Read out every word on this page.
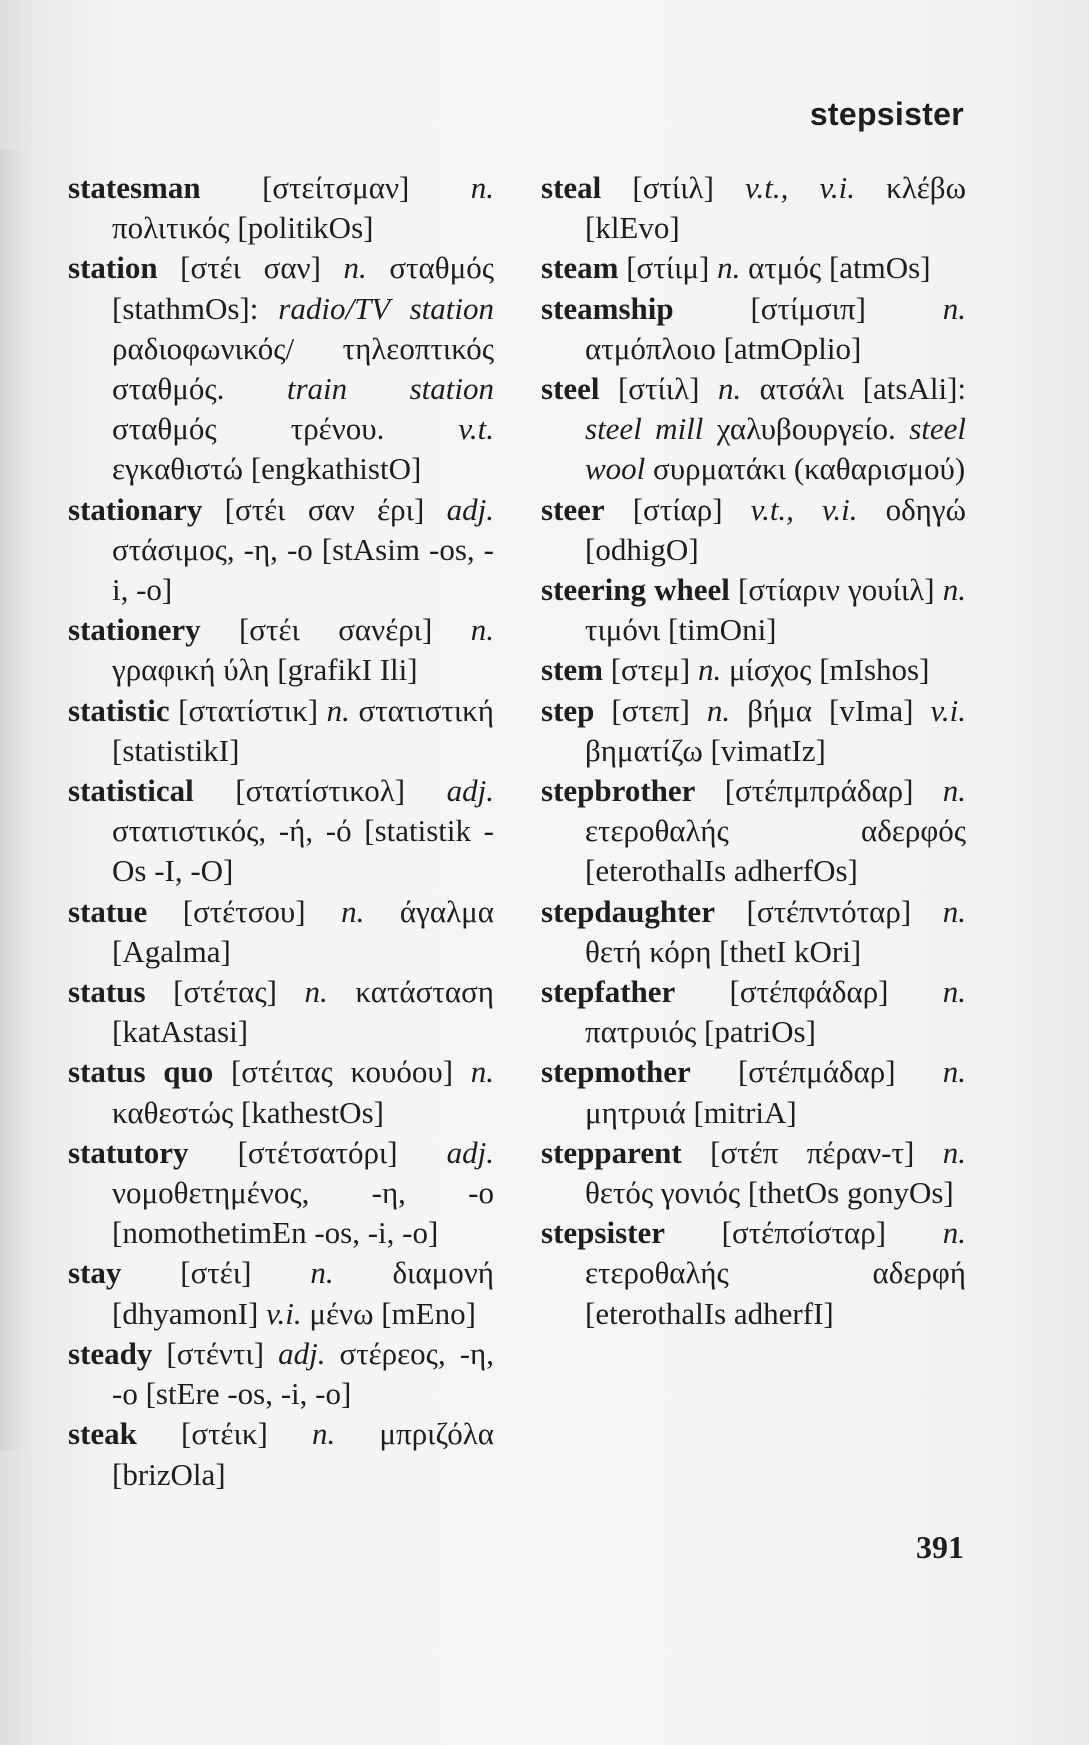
stepsister

statesman [στείτσμαν] n. πολιτικός [politikOs]

station [στέι σαν] n. σταθμός [stathmOs]: radio/TV station ραδιοφωνικός/ τηλεοπτικός σταθμός. train station σταθμός τρένου. v.t. εγκαθιστώ [engkathistO]

stationary [στέι σαν έρι] adj. στάσιμος, -η, -ο [stAsim -os, -i, -o]

stationery [στέι σανέρι] n. γραφική ύλη [grafikI Ili]

statistic [στατίστικ] n. στατιστική [statistikI]

statistical [στατίστικολ] adj. στατιστικός, -ή, -ό [statistik -Os -I, -O]

statue [στέτσου] n. άγαλμα [Agalma]

status [στέτας] n. κατάσταση [katAstasi]

status quo [στέιτας κουόου] n. καθεστώς [kathestOs]

statutory [στέτσατόρι] adj. νομοθετημένος, -η, -ο [nomothetimEn -os, -i, -o]

stay [στέι] n. διαμονή [dhyamonI] v.i. μένω [mEno]

steady [στέντι] adj. στέρεος, -η, -ο [stEre -os, -i, -o]

steak [στέικ] n. μπριζόλα [brizOla]

steal [στίιλ] v.t., v.i. κλέβω [klEvo]

steam [στίιμ] n. ατμός [atmOs]

steamship [στίμσιπ] n. ατμόπλοιο [atmOplio]

steel [στίιλ] n. ατσάλι [atsAli]: steel mill χαλυβουργείο. steel wool συρματάκι (καθαρισμού)

steer [στίαρ] v.t., v.i. οδηγώ [odhigO]

steering wheel [στίαριν γουίιλ] n. τιμόνι [timOni]

stem [στεμ] n. μίσχος [mIshos]

step [στεπ] n. βήμα [vIma] v.i. βηματίζω [vimatIz]

stepbrother [στέπμπράδαρ] n. ετεροθαλής αδερφός [eterothalIs adherfOs]

stepdaughter [στέπντόταρ] n. θετή κόρη [thetI kOri]

stepfather [στέπφάδαρ] n. πατρυιός [patriOs]

stepmother [στέπμάδαρ] n. μητρυιά [mitriA]

stepparent [στέπ πέραν-τ] n. θετός γονιός [thetOs gonyOs]

stepsister [στέπσίσταρ] n. ετεροθαλής αδερφή [eterothalIs adherfI]

391
